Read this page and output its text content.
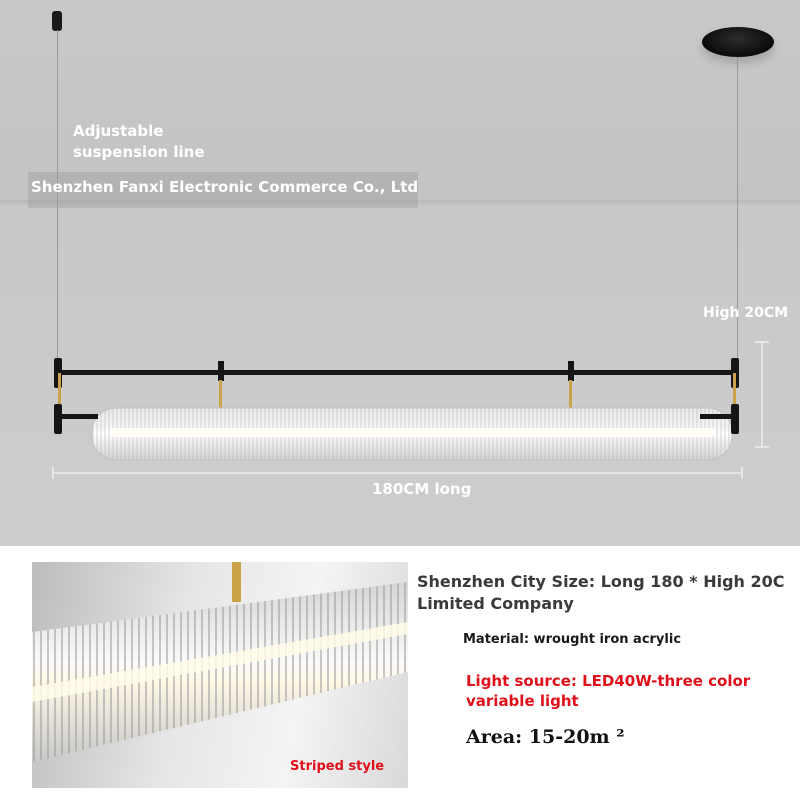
Adjustable
suspension line
Shenzhen Fanxi Electronic Commerce Co., Ltd
High 20CM
180CM long
Striped style
Shenzhen City Size: Long 180 * High 20C
Limited Company
Material: wrought iron acrylic
Light source: LED40W-three color
variable light
Area: 15-20m ²
